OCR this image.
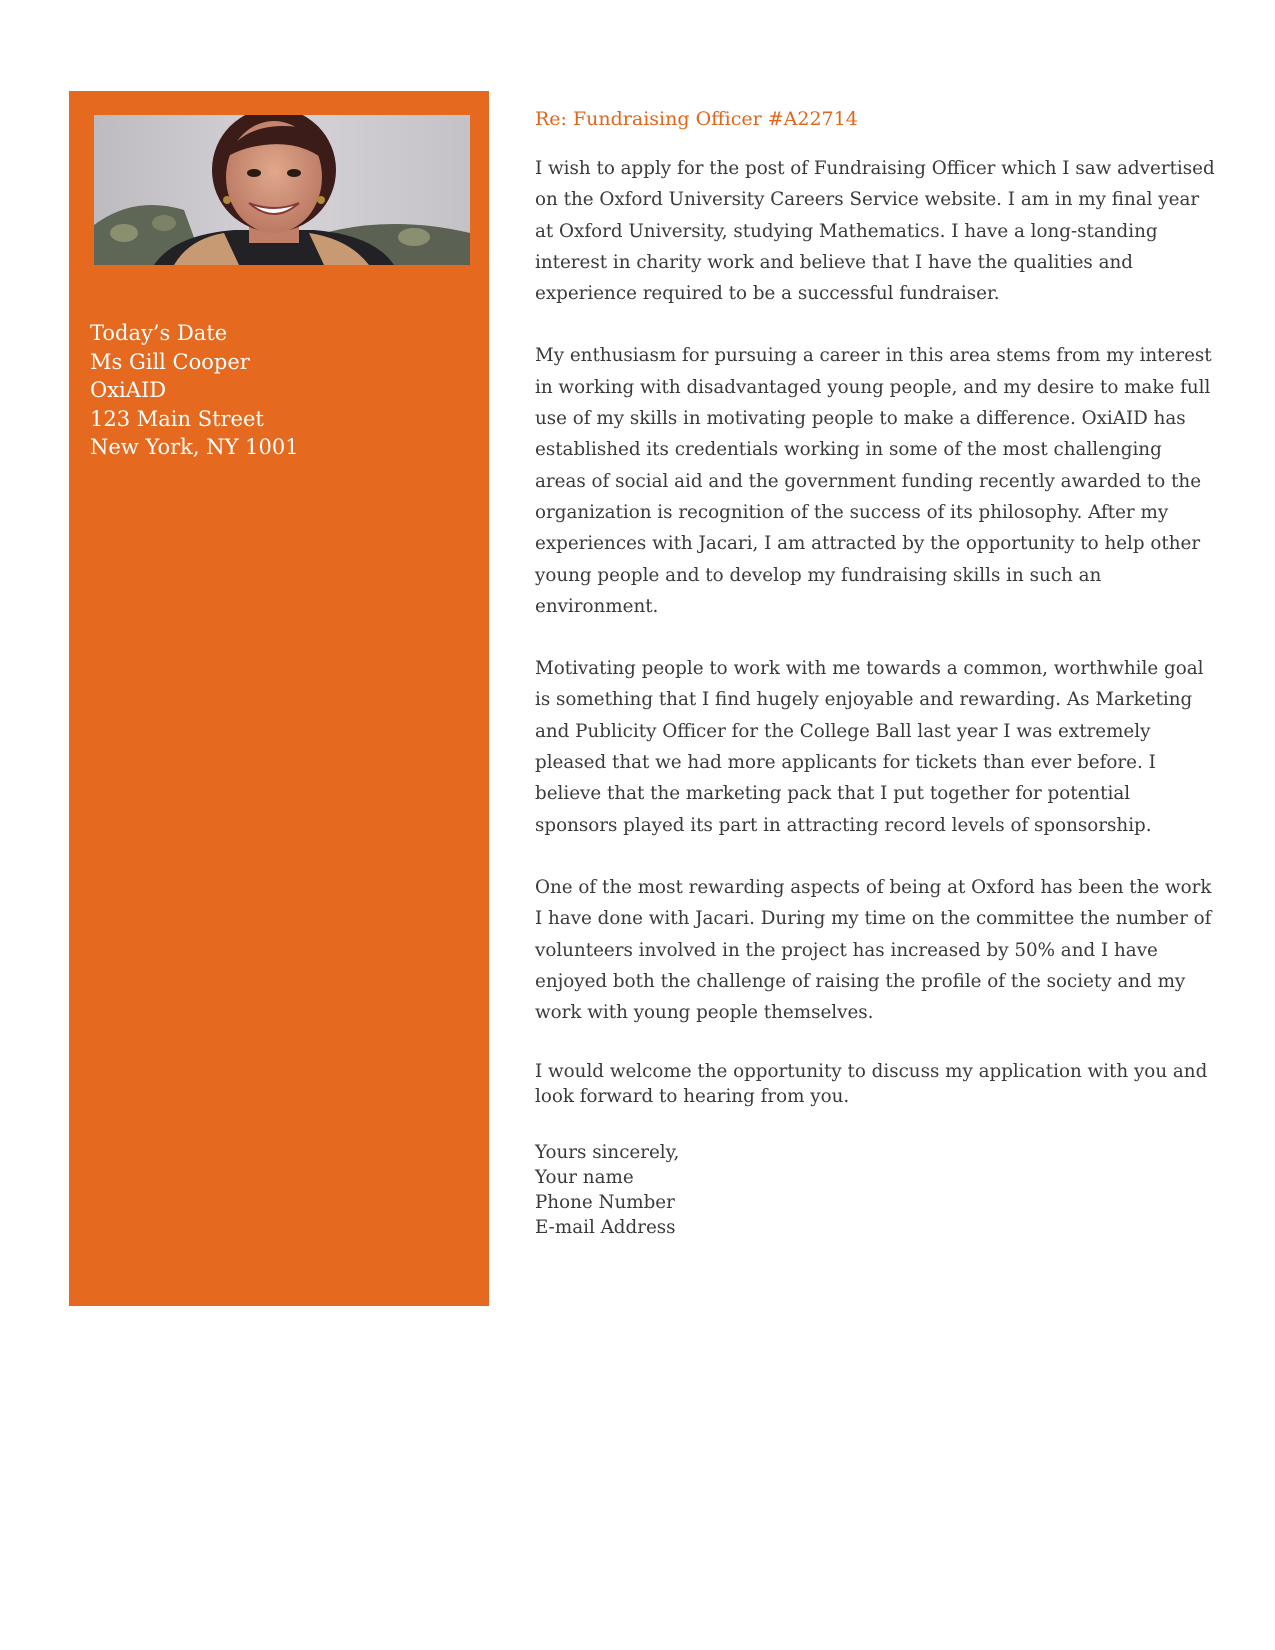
Today’s Date
Ms Gill Cooper
OxiAID
123 Main Street
New York, NY 1001
Re: Fundraising Officer #A22714

I wish to apply for the post of Fundraising Officer which I saw advertised on the Oxford University Careers Service website. I am in my final year at Oxford University, studying Mathematics. I have a long-standing interest in charity work and believe that I have the qualities and experience required to be a successful fundraiser.

My enthusiasm for pursuing a career in this area stems from my interest in working with disadvantaged young people, and my desire to make full use of my skills in motivating people to make a difference. OxiAID has established its credentials working in some of the most challenging areas of social aid and the government funding recently awarded to the organization is recognition of the success of its philosophy. After my experiences with Jacari, I am attracted by the opportunity to help other young people and to develop my fundraising skills in such an environment.

Motivating people to work with me towards a common, worthwhile goal is something that I find hugely enjoyable and rewarding. As Marketing and Publicity Officer for the College Ball last year I was extremely pleased that we had more applicants for tickets than ever before. I believe that the marketing pack that I put together for potential sponsors played its part in attracting record levels of sponsorship.

One of the most rewarding aspects of being at Oxford has been the work I have done with Jacari. During my time on the committee the number of volunteers involved in the project has increased by 50% and I have enjoyed both the challenge of raising the profile of the society and my work with young people themselves.

I would welcome the opportunity to discuss my application with you and look forward to hearing from you.

Yours sincerely,
Your name
Phone Number
E-mail Address
